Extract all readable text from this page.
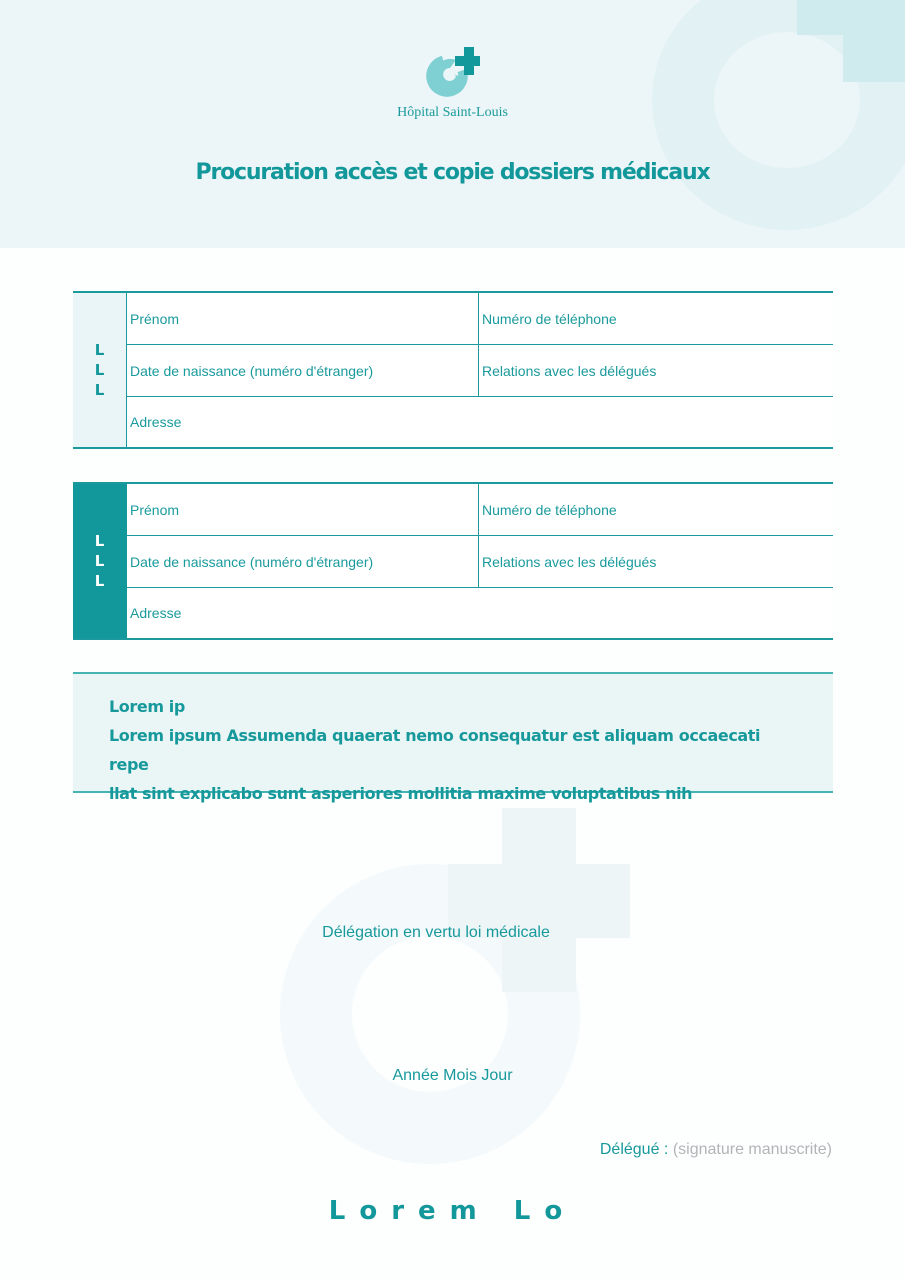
Hôpital Saint-Louis
Procuration accès et copie dossiers médicaux
L
L
L
Prénom	Numéro de téléphone
Date de naissance (numéro d'étranger)	Relations avec les délégués
Adresse
L
L
L
Prénom	Numéro de téléphone
Date de naissance (numéro d'étranger)	Relations avec les délégués
Adresse
Lorem ip
Lorem ipsum Assumenda quaerat nemo consequatur est aliquam occaecati repe
llat sint explicabo sunt asperiores mollitia maxime voluptatibus nih
Délégation en vertu loi médicale
Année Mois Jour
Délégué : (signature manuscrite)
Lorem Lo
